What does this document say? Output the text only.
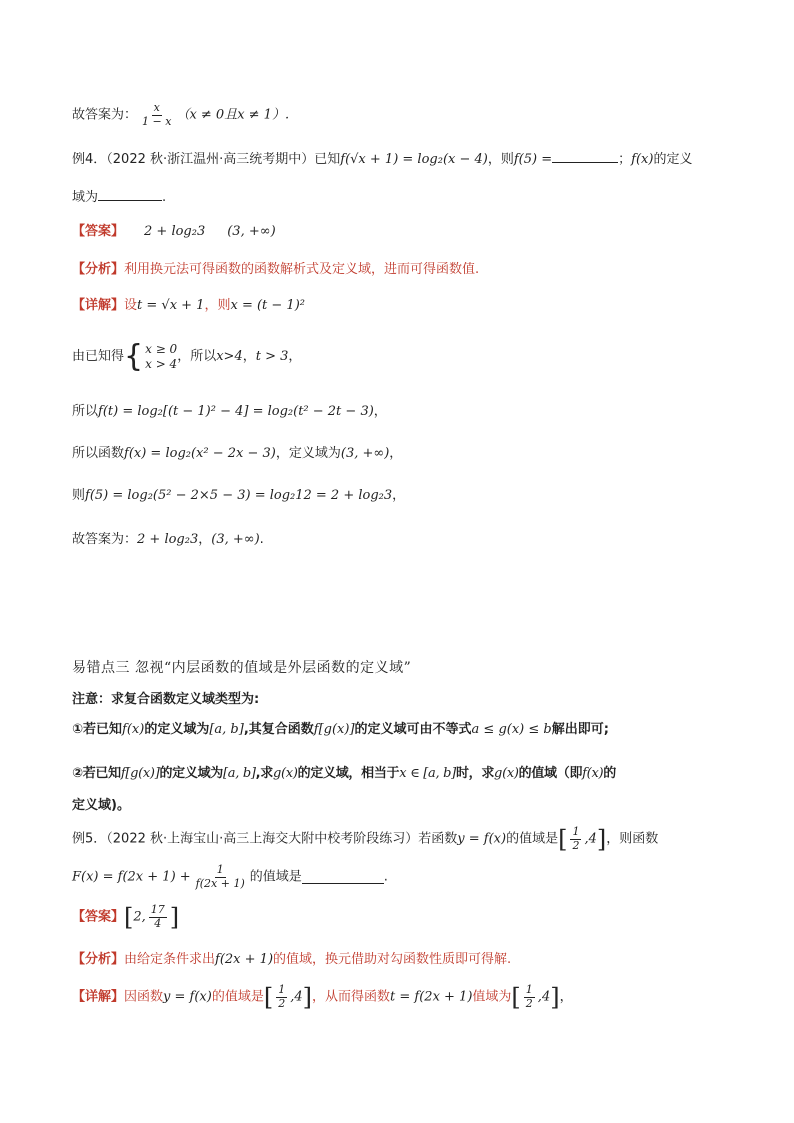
故答案为： $\frac{x}{1 - x} (x \ne 0$且x ≠ 1）.
例4．（2022 秋·浙江温州·高三统考期中）已知f(√x + 1) = log₂(x − 4)，则f(5) =	；f(x)的定义
域为	.
【答案】 2 + log₂3 (3, +∞)
【分析】利用换元法可得函数的函数解析式及定义域，进而可得函数值.
【详解】设t = √x + 1，则x = (t − 1)²
由已知得 { x ≥ 0
x > 4 ，所以x>4，t > 3，
所以f(t) = log₂[(t − 1)² − 4] = log₂(t² − 2t − 3)，
所以函数f(x) = log₂(x² − 2x − 3)，定义域为(3, +∞)，
则f(5) = log₂(5² − 2×5 − 3) = log₂12 = 2 + log₂3，
故答案为：2 + log₂3，(3, +∞).
易错点三 忽视“内层函数的值域是外层函数的定义域”
注意：求复合函数定义域类型为:
①若已知f(x)的定义域为[a, b],其复合函数f[g(x)]的定义域可由不等式a ≤ g(x) ≤ b解出即可;
②若已知f[g(x)]的定义域为[a, b],求g(x)的定义域，相当于x ∈ [a, b]时，求g(x)的值域（即f(x)的
定义域)。
例5．（2022 秋·上海宝山·高三上海交大附中校考阶段练习）若函数y = f(x)的值域是[ $\frac{1}{2} ,4$]，则函数
$F(x) = f(2x + 1) + \frac{1}{f(2x + 1)}$ 的值域是	.
【答案】[2, $\frac{17}{4}$ ]
【分析】由给定条件求出f(2x + 1)的值域，换元借助对勾函数性质即可得解.
【详解】因函数y = f(x)的值域是[ $\frac{1}{2} ,4$]，从而得函数t = f(2x + 1)值域为[ $\frac{1}{2} ,4$]，
